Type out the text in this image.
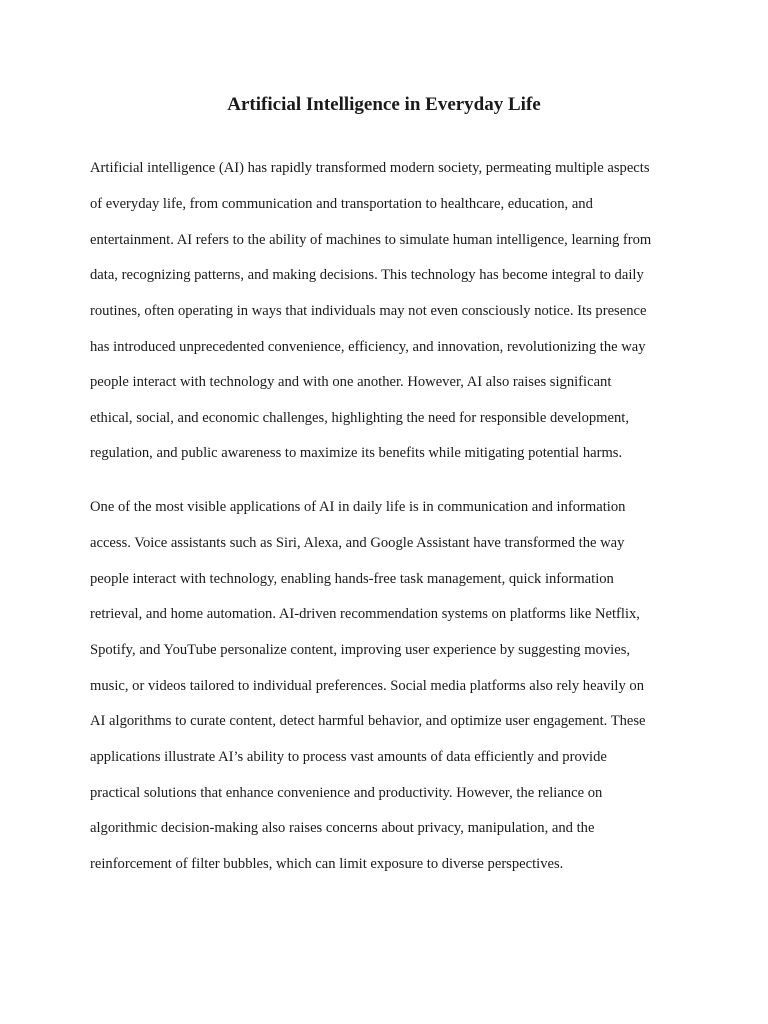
Artificial Intelligence in Everyday Life

Artificial intelligence (AI) has rapidly transformed modern society, permeating multiple aspects

of everyday life, from communication and transportation to healthcare, education, and

entertainment. AI refers to the ability of machines to simulate human intelligence, learning from

data, recognizing patterns, and making decisions. This technology has become integral to daily

routines, often operating in ways that individuals may not even consciously notice. Its presence

has introduced unprecedented convenience, efficiency, and innovation, revolutionizing the way

people interact with technology and with one another. However, AI also raises significant

ethical, social, and economic challenges, highlighting the need for responsible development,

regulation, and public awareness to maximize its benefits while mitigating potential harms.

One of the most visible applications of AI in daily life is in communication and information

access. Voice assistants such as Siri, Alexa, and Google Assistant have transformed the way

people interact with technology, enabling hands-free task management, quick information

retrieval, and home automation. AI-driven recommendation systems on platforms like Netflix,

Spotify, and YouTube personalize content, improving user experience by suggesting movies,

music, or videos tailored to individual preferences. Social media platforms also rely heavily on

AI algorithms to curate content, detect harmful behavior, and optimize user engagement. These

applications illustrate AI’s ability to process vast amounts of data efficiently and provide

practical solutions that enhance convenience and productivity. However, the reliance on

algorithmic decision-making also raises concerns about privacy, manipulation, and the

reinforcement of filter bubbles, which can limit exposure to diverse perspectives.
